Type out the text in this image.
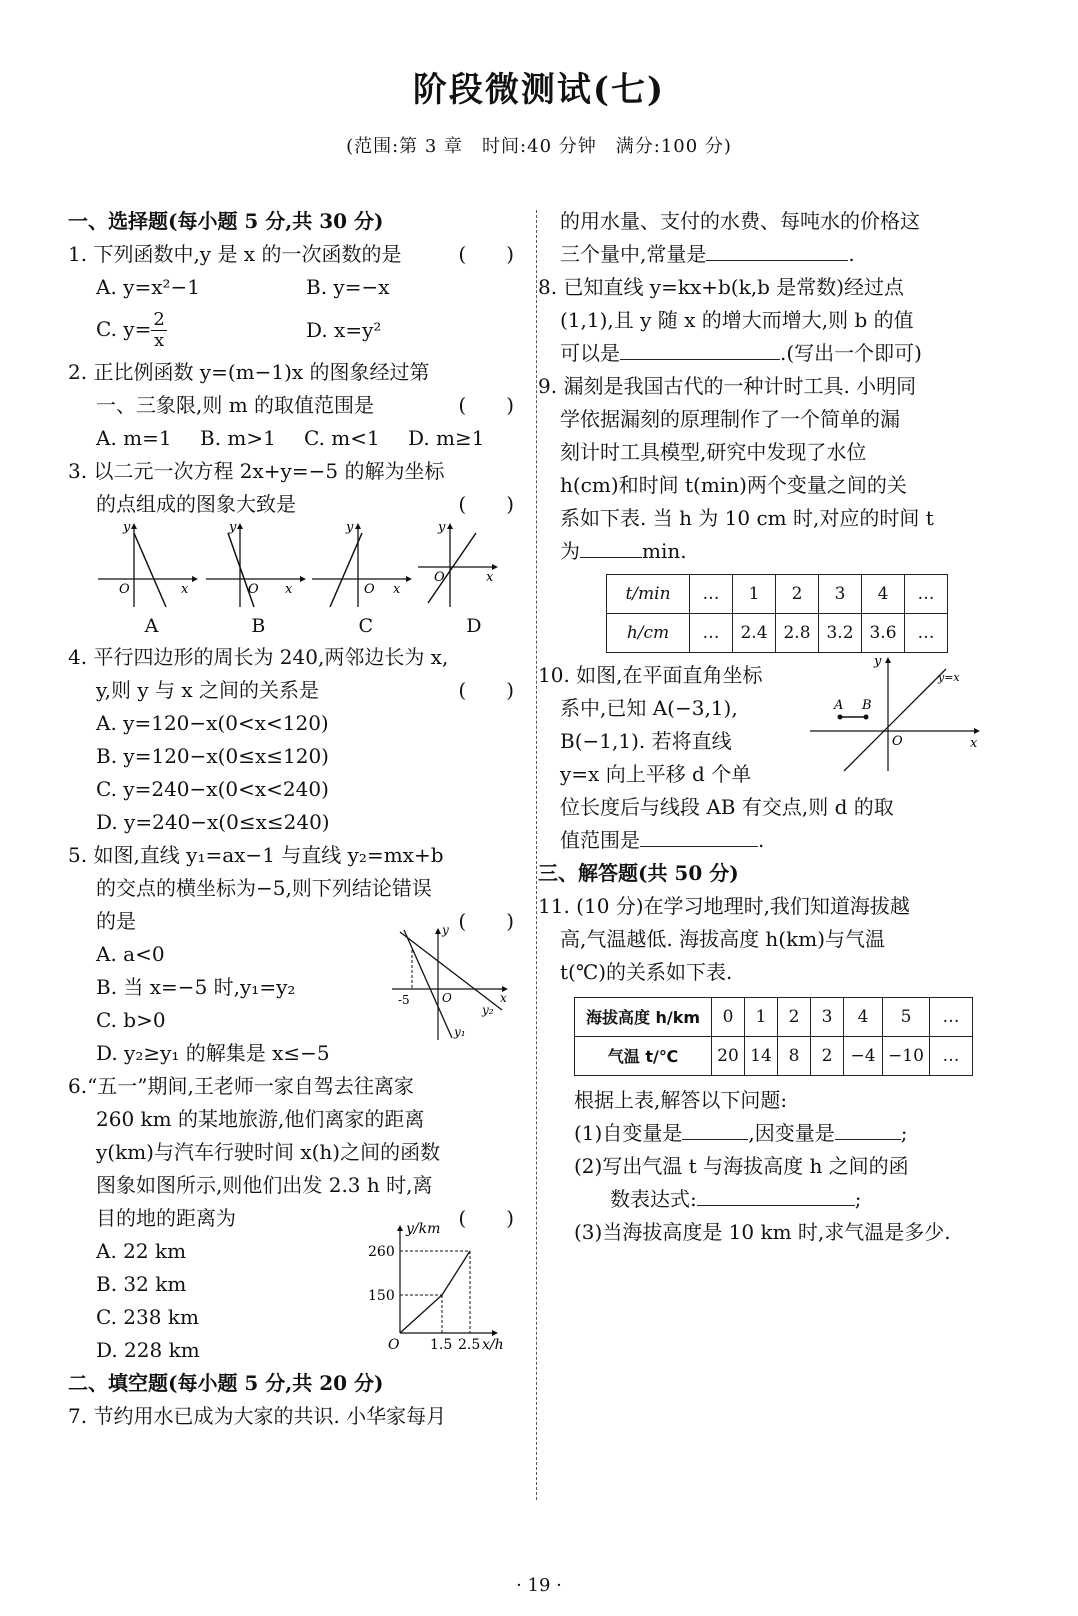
阶段微测试(七)
(范围:第 3 章　时间:40 分钟　满分:100 分)
一、选择题(每小题 5 分,共 30 分)
1. 下列函数中,y 是 x 的一次函数的是	(　　)
A. y=x²−1	B. y=−x
C. $y= \frac{2}{x}$	D. x=y²
2. 正比例函数 y=(m−1)x 的图象经过第
一、三象限,则 m 的取值范围是	(　　)
A. m=1	B. m>1	C. m<1	D. m≥1
3. 以二元一次方程 2x+y=−5 的解为坐标
的点组成的图象大致是	(　　)
O	x
y
O x
y
O x
y
O	x
y
A	B	C	D
4. 平行四边形的周长为 240,两邻边长为 x,
y,则 y 与 x 之间的关系是	(　　)
A. y=120−x(0<x<120)
B. y=120−x(0≤x≤120)
C. y=240−x(0<x<240)
D. y=240−x(0≤x≤240)
5. 如图,直线 y₁=ax−1 与直线 y₂=mx+b
的交点的横坐标为−5,则下列结论错误
的是	(　　)
A. a<0
B. 当 x=−5 时,y₁=y₂
C. b>0
D. y₂≥y₁ 的解集是 x≤−5
-5	O
y
x
y₂
y₁
6.“五一”期间,王老师一家自驾去往离家
260 km 的某地旅游,他们离家的距离
y(km)与汽车行驶时间 x(h)之间的函数
图象如图所示,则他们出发 2.3 h 时,离
目的地的距离为	(　　)
A. 22 km
B. 32 km
C. 238 km
D. 228 km
y/km
260
150
O 1.5 2.5 x/h
二、填空题(每小题 5 分,共 20 分)
7. 节约用水已成为大家的共识. 小华家每月
的用水量、支付的水费、每吨水的价格这
三个量中,常量是	.
8. 已知直线 y=kx+b(k,b 是常数)经过点
(1,1),且 y 随 x 的增大而增大,则 b 的值
可以是	.(写出一个即可)
9. 漏刻是我国古代的一种计时工具. 小明同
学依据漏刻的原理制作了一个简单的漏
刻计时工具模型,研究中发现了水位
h(cm)和时间 t(min)两个变量之间的关
系如下表. 当 h 为 10 cm 时,对应的时间 t
为	min.
t/min	…	1	2	3	4	…
h/cm	…	2.4	2.8	3.2	3.6	…
10. 如图,在平面直角坐标
系中,已知 A(−3,1),
B(−1,1). 若将直线
y=x 向上平移 d 个单
A B
O	x
y
y=x
位长度后与线段 AB 有交点,则 d 的取
值范围是	.
三、解答题(共 50 分)
11. (10 分)在学习地理时,我们知道海拔越
高,气温越低. 海拔高度 h(km)与气温
t(℃)的关系如下表.
海拔高度 h/km	0	1	2	3	4	5	…
气温 t/℃	20	14	8	2	−4	−10	…
根据上表,解答以下问题:
(1)自变量是	,因变量是	;
(2)写出气温 t 与海拔高度 h 之间的函
数表达式:	;
(3)当海拔高度是 10 km 时,求气温是多少.
· 19 ·
